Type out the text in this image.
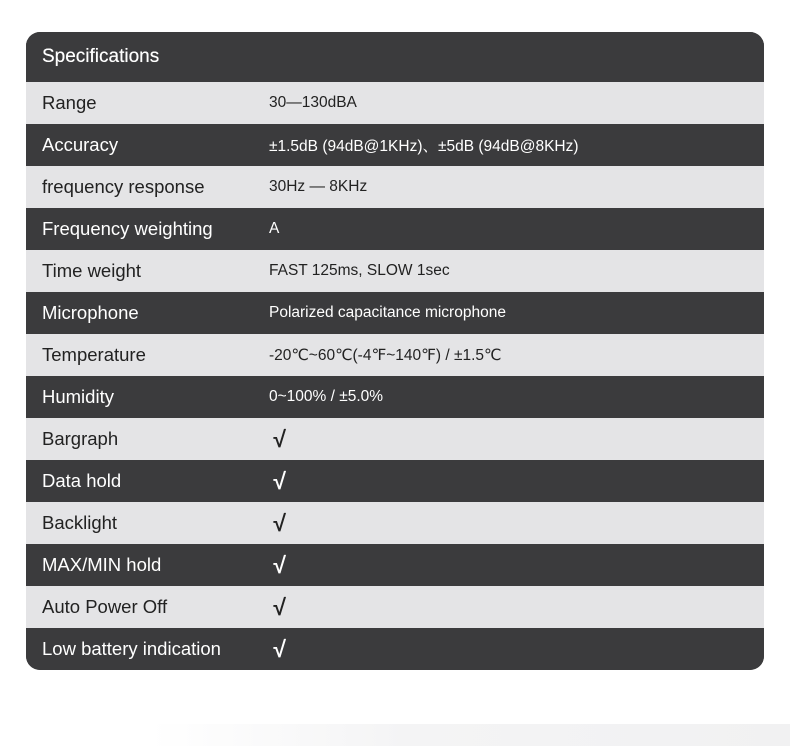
Specifications
Range	30—130dBA
Accuracy	±1.5dB (94dB@1KHz)、±5dB (94dB@8KHz)
frequency response	30Hz — 8KHz
Frequency weighting	A
Time weight	FAST 125ms, SLOW 1sec
Microphone	Polarized capacitance microphone
Temperature	-20℃~60℃(-4℉~140℉) / ±1.5℃
Humidity	0~100% / ±5.0%
Bargraph	√
Data hold	√
Backlight	√
MAX/MIN hold	√
Auto Power Off	√
Low battery indication	√
